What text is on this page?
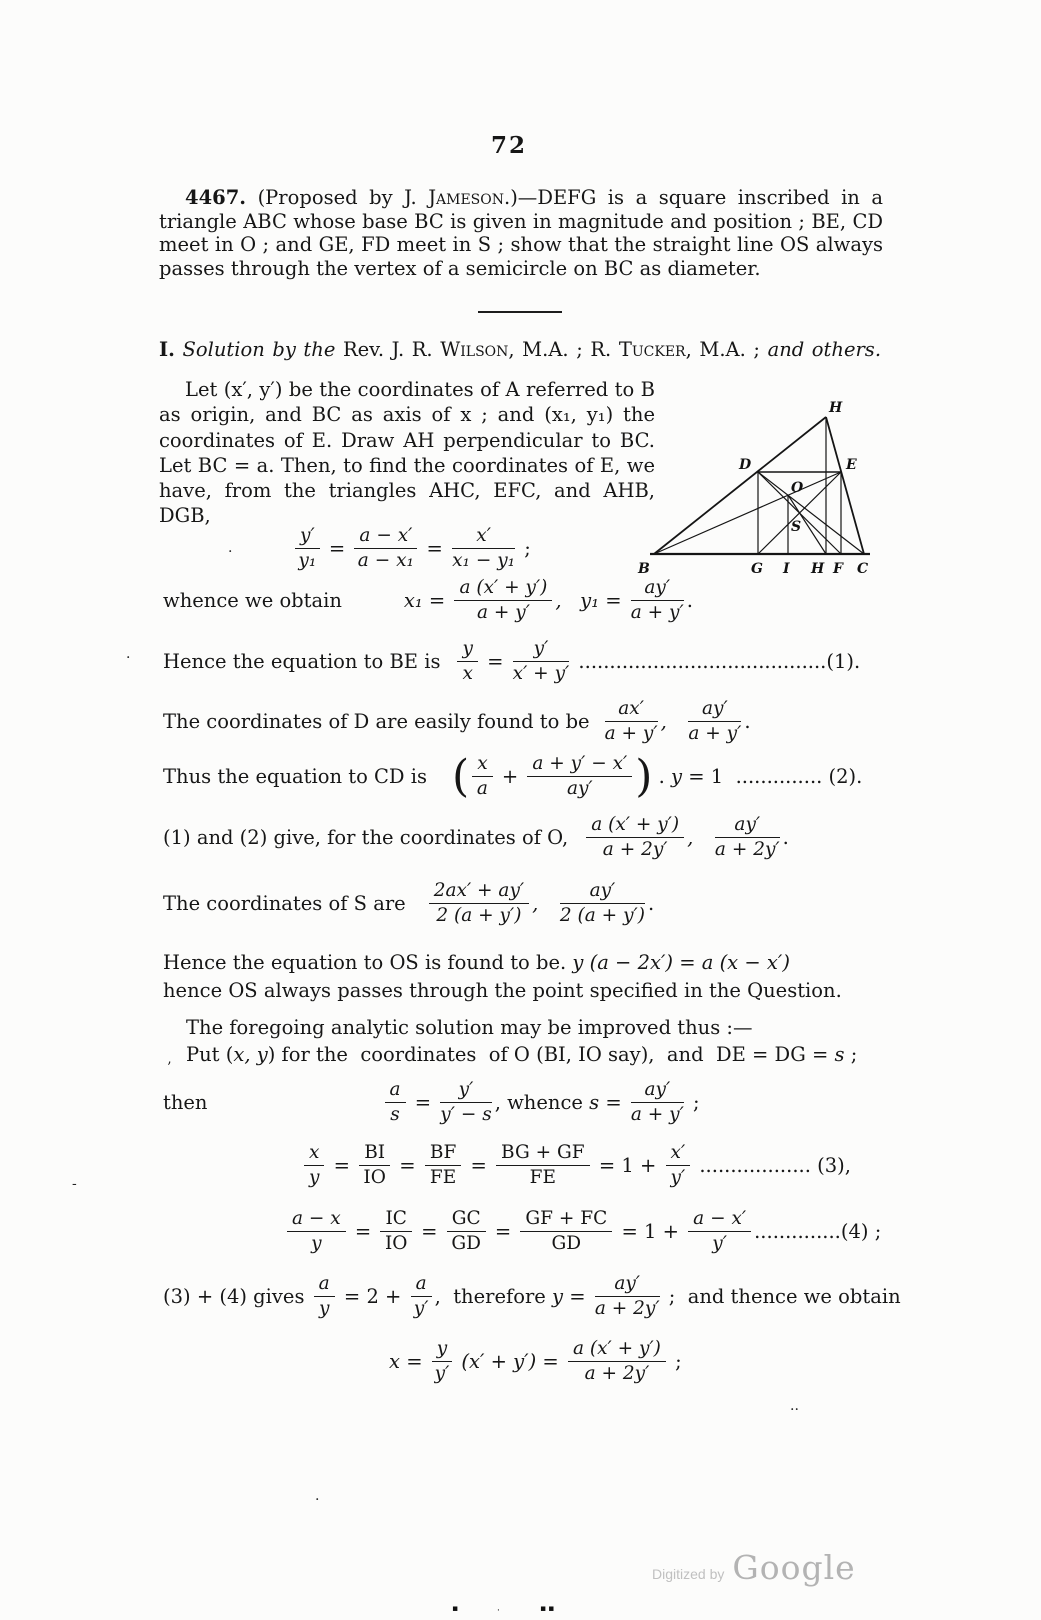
72

4467. (Proposed by J. Jameson.)—DEFG is a square inscribed in a triangle ABC whose base BC is given in magnitude and position ; BE, CD meet in O ; and GE, FD meet in S ; show that the straight line OS always passes through the vertex of a semicircle on BC as diameter.

I. Solution by the Rev. J. R. Wilson, M.A. ; R. Tucker, M.A. ; and others.

Let (x′, y′) be the coordinates of A referred to B as origin, and BC as axis of x ; and (x₁, y₁) the coordinates of E. Draw AH perpendicular to BC. Let BC = a. Then, to find the coordinates of E, we have, from the triangles AHC, EFC, and AHB, DGB,

H
D	E
O
S
B	G I H F C
$\frac{y'}{\text{y₁}} = \frac{a - x'}{\text{a − x₁}} = \frac{x'}{\text{x₁ − y₁}}$ ;
whence we obtain	$x_1 = \frac{a (x' + y')}{a + y'}$ ,   $y_1 = \frac{ay'}{a + y'}$ .
Hence the equation to BE is $\frac{y}{x} = \frac{y'}{x' + y'} ........................................(1)$.
The coordinates of D are easily found to be $\frac{ax'}{a + y'}$ , $\frac{ay'}{a + y'}$ .
Thus the equation to CD is ( $\frac{x}{a} + \frac{a + y' - x'}{ay'}$ ) . y = 1  .............. (2).
(1) and (2) give, for the coordinates of O, $\frac{a (x' + y')}{a + 2y'}$ , $\frac{ay'}{a + 2y'}$ .
The coordinates of S are $\frac{2ax' + ay'}{2 (a + y')}$ , $\frac{ay'}{2 (a + y')}$ .
Hence the equation to OS is found to be. y (a − 2x′) = a (x − x′)
hence OS always passes through the point specified in the Question.
The foregoing analytic solution may be improved thus :—
Put (x, y) for the  coordinates  of O (BI, IO say),  and  DE = DG = s ;
then	$\frac{a}{s} = \frac{y'}{y' - s}$ , whence $s = \frac{ay'}{a + y'}$ ;
$\frac{x}{y} = \frac{BI}{IO} = \frac{BF}{FE} = \frac{BG + GF}{FE} = 1 + \frac{x'}{y'}$ .................. (3),
$\frac{a - x}{y} = \frac{IC}{IO} = \frac{GC}{GD} = \frac{GF + FC}{GD} = 1 + \frac{a - x'}{y'} ..............(4)$ ;
(3) + (4) gives $\frac{a}{y} = 2 + \frac{a}{y'}$ ,  therefore $y = \frac{ay'}{a + 2y'}$ ;  and thence we obtain
$x = \frac{y}{y'} (x' + y') = \frac{a (x' + y')}{a + 2y'}$ ;
.
·
-
..
.
’
▪	·	▪▪
Digitized by Google
